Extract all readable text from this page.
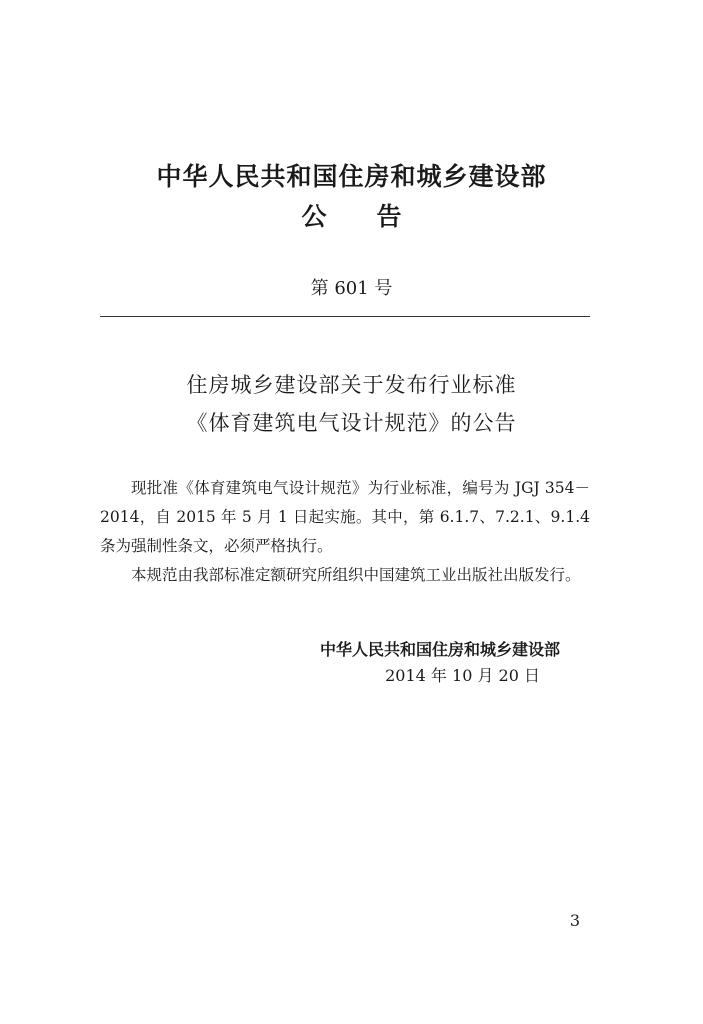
中华人民共和国住房和城乡建设部
公　　告
第 601 号
住房城乡建设部关于发布行业标准
《体育建筑电气设计规范》的公告
现批准《体育建筑电气设计规范》为行业标准，编号为 JGJ 354－2014，自 2015 年 5 月 1 日起实施。其中，第 6.1.7、7.2.1、9.1.4 条为强制性条文，必须严格执行。
本规范由我部标准定额研究所组织中国建筑工业出版社出版发行。
中华人民共和国住房和城乡建设部
2014 年 10 月 20 日
3
